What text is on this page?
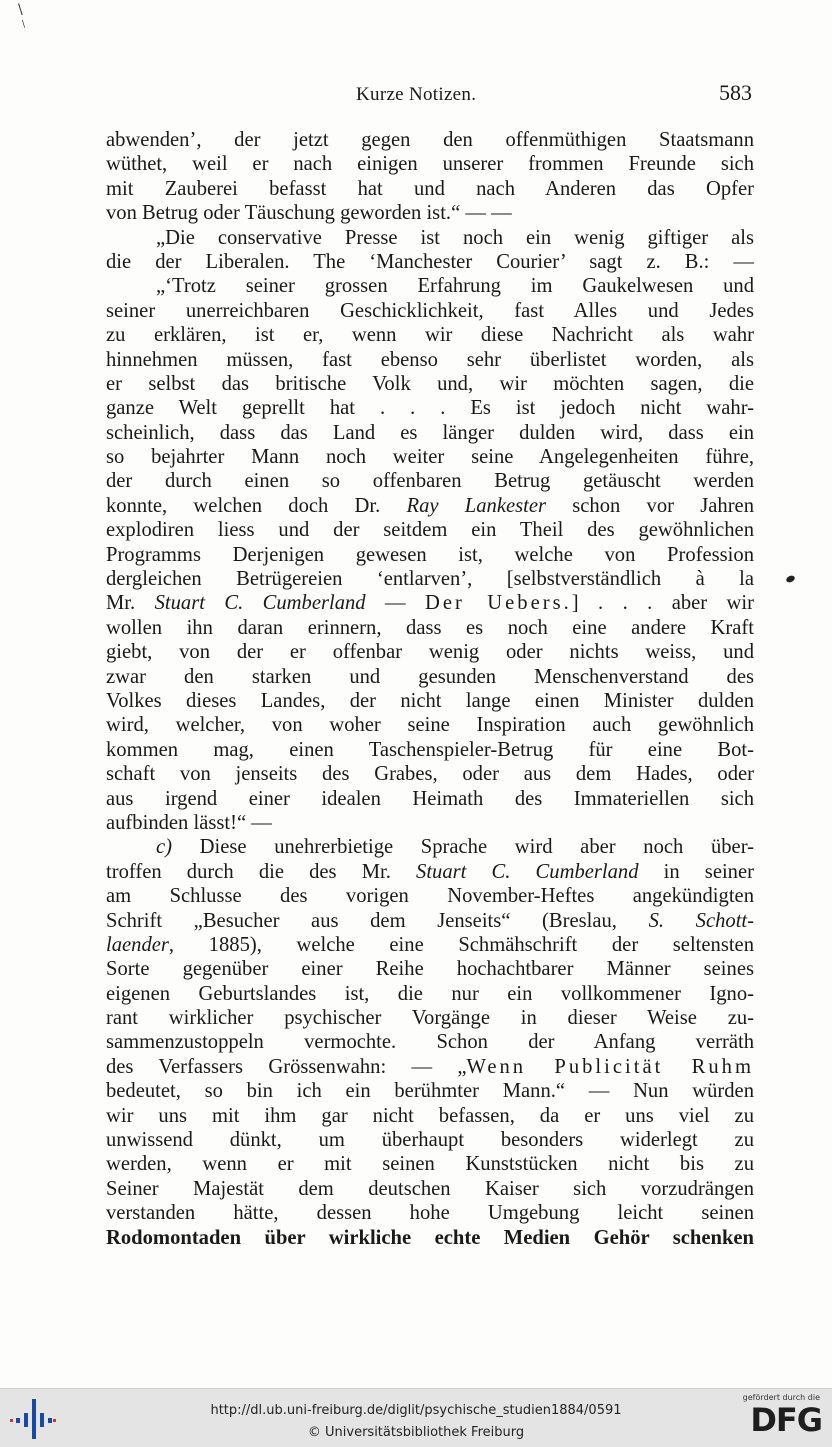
\
\
Kurze Notizen.	583
abwenden’, der jetzt gegen den offenmüthigen Staatsmann
wüthet, weil er nach einigen unserer frommen Freunde sich
mit Zauberei befasst hat und nach Anderen das Opfer
von Betrug oder Täuschung geworden ist.“ — —
„Die conservative Presse ist noch ein wenig giftiger als
die der Liberalen. The ‘Manchester Courier’ sagt z. B.: —
„‘Trotz seiner grossen Erfahrung im Gaukelwesen und
seiner unerreichbaren Geschicklichkeit, fast Alles und Jedes
zu erklären, ist er, wenn wir diese Nachricht als wahr
hinnehmen müssen, fast ebenso sehr überlistet worden, als
er selbst das britische Volk und, wir möchten sagen, die
ganze Welt geprellt hat . . . Es ist jedoch nicht wahr-
scheinlich, dass das Land es länger dulden wird, dass ein
so bejahrter Mann noch weiter seine Angelegenheiten führe,
der durch einen so offenbaren Betrug getäuscht werden
konnte, welchen doch Dr. Ray Lankester schon vor Jahren
explodiren liess und der seitdem ein Theil des gewöhnlichen
Programms Derjenigen gewesen ist, welche von Profession
dergleichen Betrügereien ‘entlarven’, [selbstverständlich à la
Mr. Stuart C. Cumberland — Der Uebers.] . . . aber wir
wollen ihn daran erinnern, dass es noch eine andere Kraft
giebt, von der er offenbar wenig oder nichts weiss, und
zwar den starken und gesunden Menschenverstand des
Volkes dieses Landes, der nicht lange einen Minister dulden
wird, welcher, von woher seine Inspiration auch gewöhnlich
kommen mag, einen Taschenspieler-Betrug für eine Bot-
schaft von jenseits des Grabes, oder aus dem Hades, oder
aus irgend einer idealen Heimath des Immateriellen sich
aufbinden lässt!“ —
c) Diese unehrerbietige Sprache wird aber noch über-
troffen durch die des Mr. Stuart C. Cumberland in seiner
am Schlusse des vorigen November-Heftes angekündigten
Schrift „Besucher aus dem Jenseits“ (Breslau, S. Schott-
laender, 1885), welche eine Schmähschrift der seltensten
Sorte gegenüber einer Reihe hochachtbarer Männer seines
eigenen Geburtslandes ist, die nur ein vollkommener Igno-
rant wirklicher psychischer Vorgänge in dieser Weise zu-
sammenzustoppeln vermochte. Schon der Anfang verräth
des Verfassers Grössenwahn: — „Wenn Publicität Ruhm
bedeutet, so bin ich ein berühmter Mann.“ — Nun würden
wir uns mit ihm gar nicht befassen, da er uns viel zu
unwissend dünkt, um überhaupt besonders widerlegt zu
werden, wenn er mit seinen Kunststücken nicht bis zu
Seiner Majestät dem deutschen Kaiser sich vorzudrängen
verstanden hätte, dessen hohe Umgebung leicht seinen
Rodomontaden über wirkliche echte Medien Gehör schenken
http://dl.ub.uni-freiburg.de/diglit/psychische_studien1884/0591
© Universitätsbibliothek Freiburg
gefördert durch die
DFG
